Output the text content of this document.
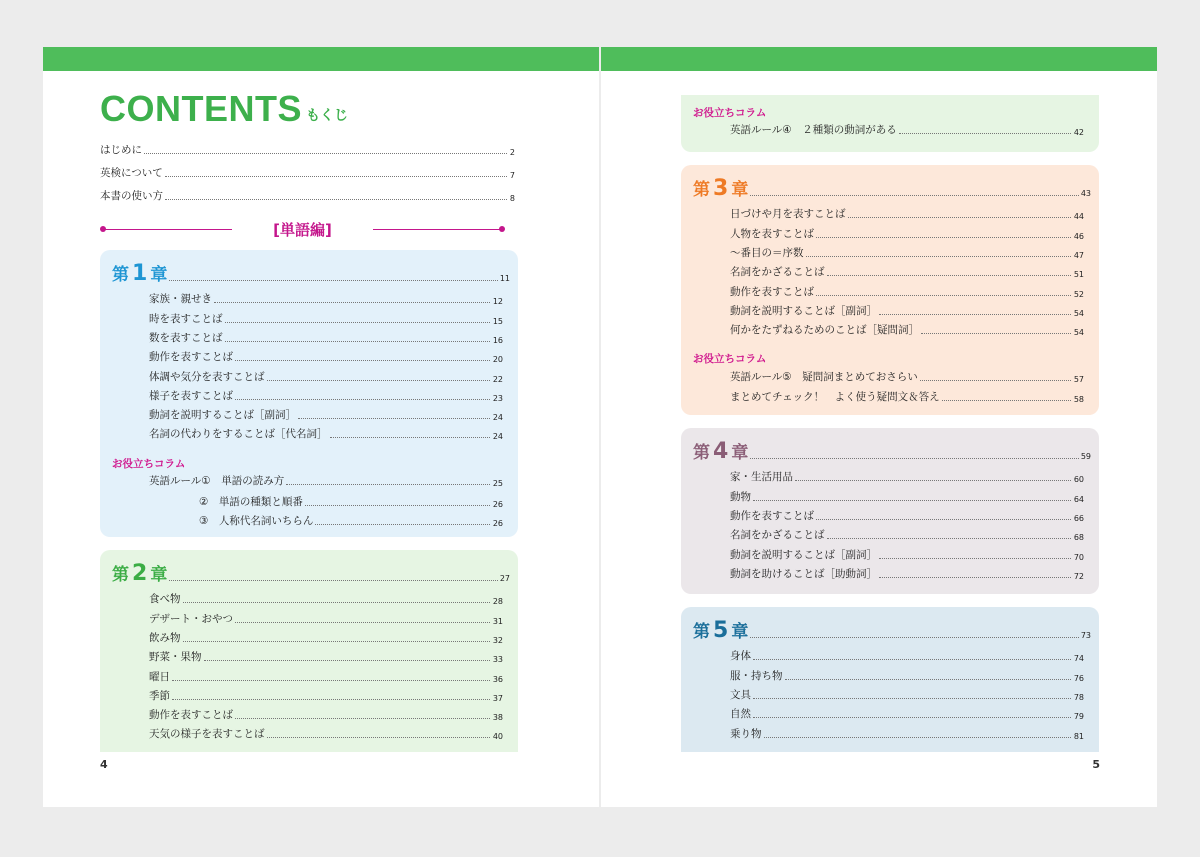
CONTENTS もくじ
はじめに	2
英検について	7
本書の使い方	8
[単語編]
第 1 章	11
家族・親せき	12
時を表すことば	15
数を表すことば	16
動作を表すことば	20
体調や気分を表すことば	22
様子を表すことば	23
動詞を説明することば［副詞］	24
名詞の代わりをすることば［代名詞］	24
お役立ちコラム
英語ルール①　単語の読み方	25
②　単語の種類と順番	26
③　人称代名詞いちらん	26
第 2 章	27
食べ物	28
デザート・おやつ	31
飲み物	32
野菜・果物	33
曜日	36
季節	37
動作を表すことば	38
天気の様子を表すことば	40
4
お役立ちコラム
英語ルール④　２種類の動詞がある	42
第 3 章	43
日づけや月を表すことば	44
人物を表すことば	46
〜番目の＝序数	47
名詞をかざることば	51
動作を表すことば	52
動詞を説明することば［副詞］	54
何かをたずねるためのことば［疑問詞］	54
お役立ちコラム
英語ルール⑤　疑問詞まとめておさらい	57
まとめてチェック！　よく使う疑問文＆答え	58
第 4 章	59
家・生活用品	60
動物	64
動作を表すことば	66
名詞をかざることば	68
動詞を説明することば［副詞］	70
動詞を助けることば［助動詞］	72
第 5 章	73
身体	74
服・持ち物	76
文具	78
自然	79
乗り物	81
5
